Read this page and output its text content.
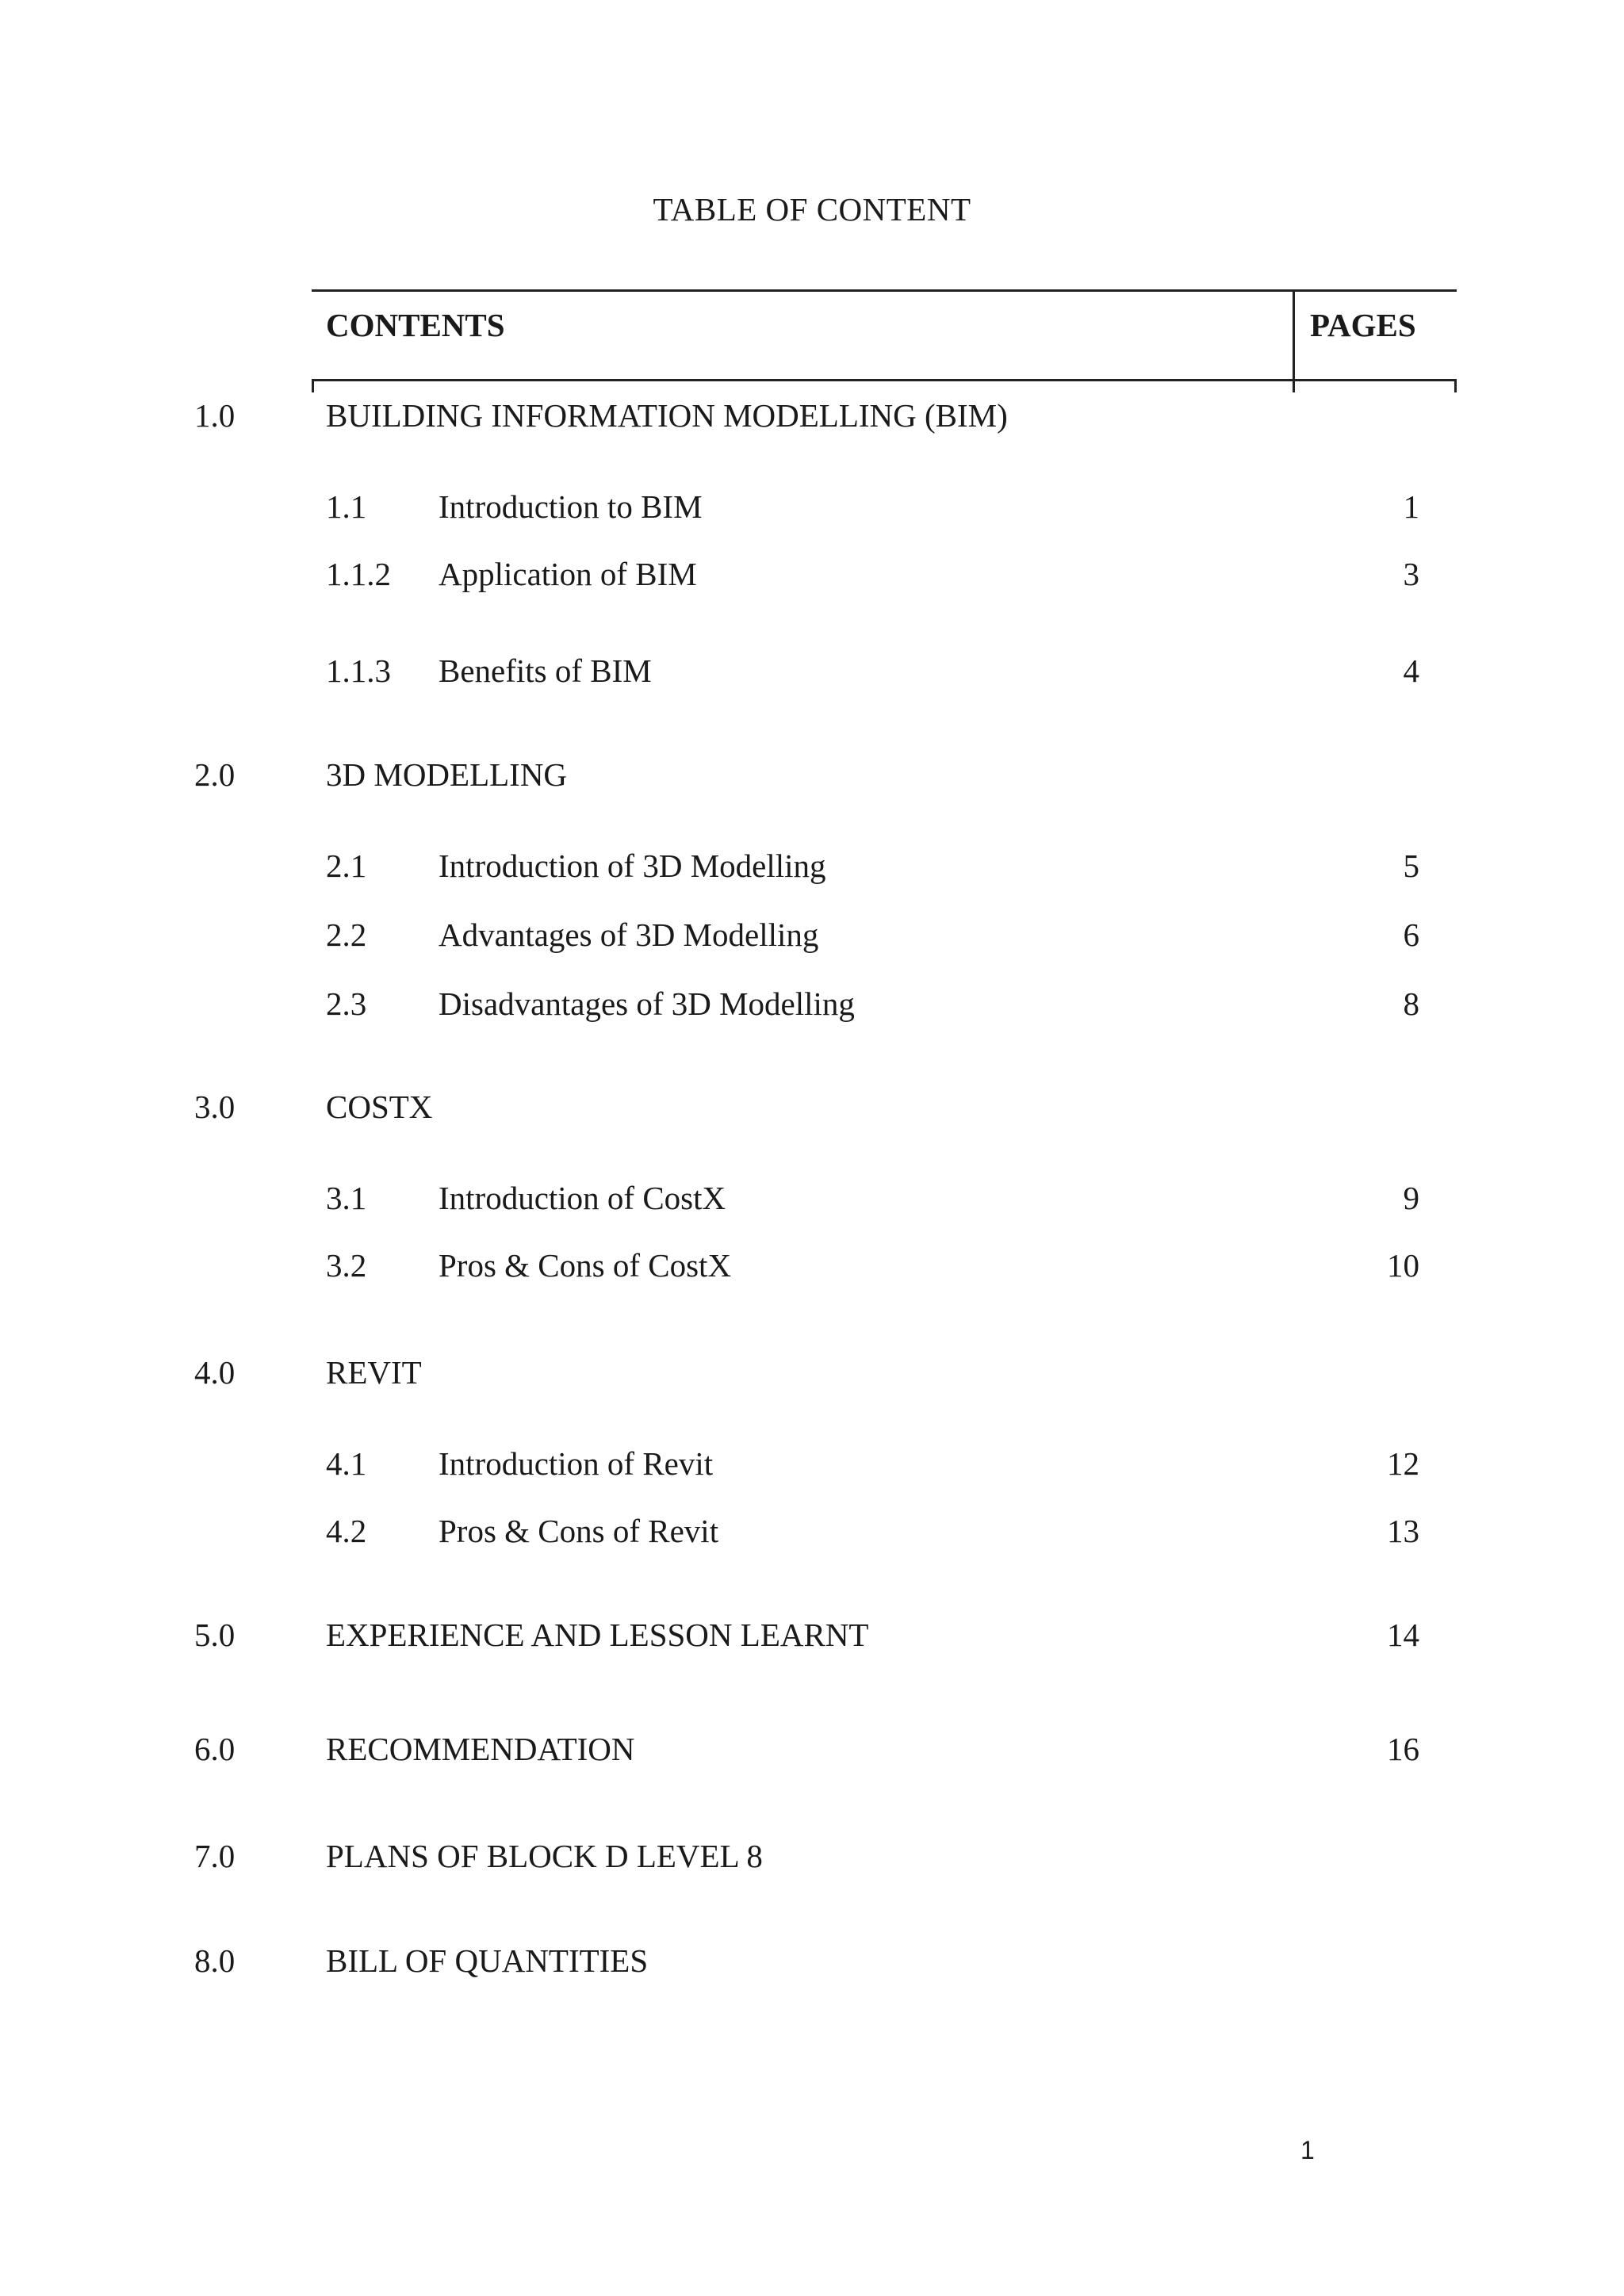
TABLE OF CONTENT
CONTENTS	PAGES
1.0	BUILDING INFORMATION MODELLING (BIM)
1.1 Introduction to BIM	1
1.1.2 Application of BIM	3
1.1.3 Benefits of BIM	4
2.0	3D MODELLING
2.1 Introduction of 3D Modelling	5
2.2 Advantages of 3D Modelling	6
2.3 Disadvantages of 3D Modelling	8
3.0	COSTX
3.1 Introduction of CostX	9
3.2 Pros & Cons of CostX	10
4.0	REVIT
4.1 Introduction of Revit	12
4.2 Pros & Cons of Revit	13
5.0	EXPERIENCE AND LESSON LEARNT	14
6.0	RECOMMENDATION	16
7.0	PLANS OF BLOCK D LEVEL 8
8.0	BILL OF QUANTITIES
1
